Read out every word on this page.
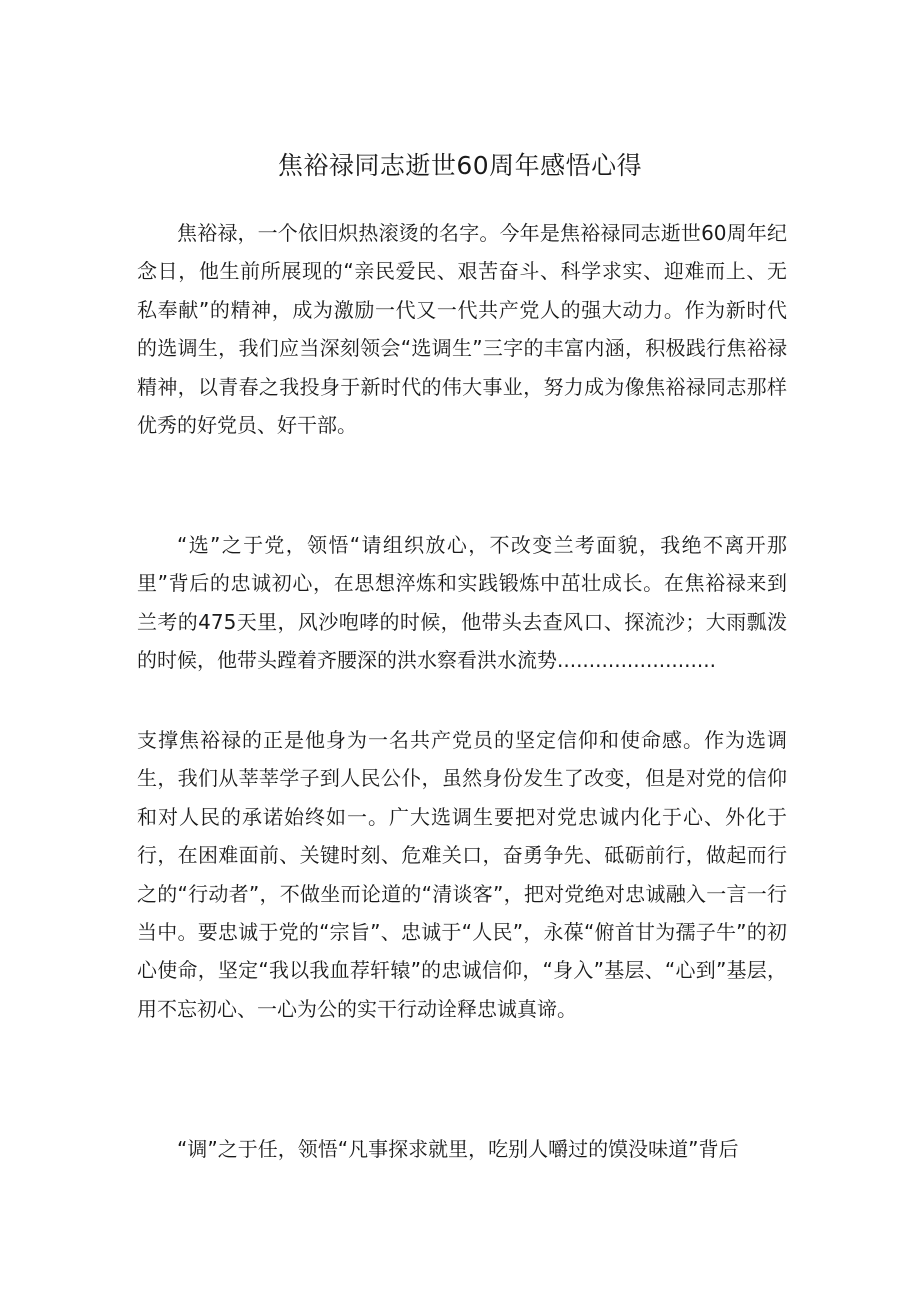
焦裕禄同志逝世60周年感悟心得

焦裕禄，一个依旧炽热滚烫的名字。今年是焦裕禄同志逝世60周年纪念日，他生前所展现的“亲民爱民、艰苦奋斗、科学求实、迎难而上、无私奉献”的精神，成为激励一代又一代共产党人的强大动力。作为新时代的选调生，我们应当深刻领会“选调生”三字的丰富内涵，积极践行焦裕禄精神，以青春之我投身于新时代的伟大事业，努力成为像焦裕禄同志那样优秀的好党员、好干部。

“选”之于党，领悟“请组织放心，不改变兰考面貌，我绝不离开那里”背后的忠诚初心，在思想淬炼和实践锻炼中茁壮成长。在焦裕禄来到兰考的475天里，风沙咆哮的时候，他带头去查风口、探流沙；大雨瓢泼的时候，他带头蹚着齐腰深的洪水察看洪水流势.........................

支撑焦裕禄的正是他身为一名共产党员的坚定信仰和使命感。作为选调生，我们从莘莘学子到人民公仆，虽然身份发生了改变，但是对党的信仰和对人民的承诺始终如一。广大选调生要把对党忠诚内化于心、外化于行，在困难面前、关键时刻、危难关口，奋勇争先、砥砺前行，做起而行之的“行动者”，不做坐而论道的“清谈客”，把对党绝对忠诚融入一言一行当中。要忠诚于党的“宗旨”、忠诚于“人民”，永葆“俯首甘为孺子牛”的初心使命，坚定“我以我血荐轩辕”的忠诚信仰，“身入”基层、“心到”基层，用不忘初心、一心为公的实干行动诠释忠诚真谛。

“调”之于任，领悟“凡事探求就里，吃别人嚼过的馍没味道”背后
